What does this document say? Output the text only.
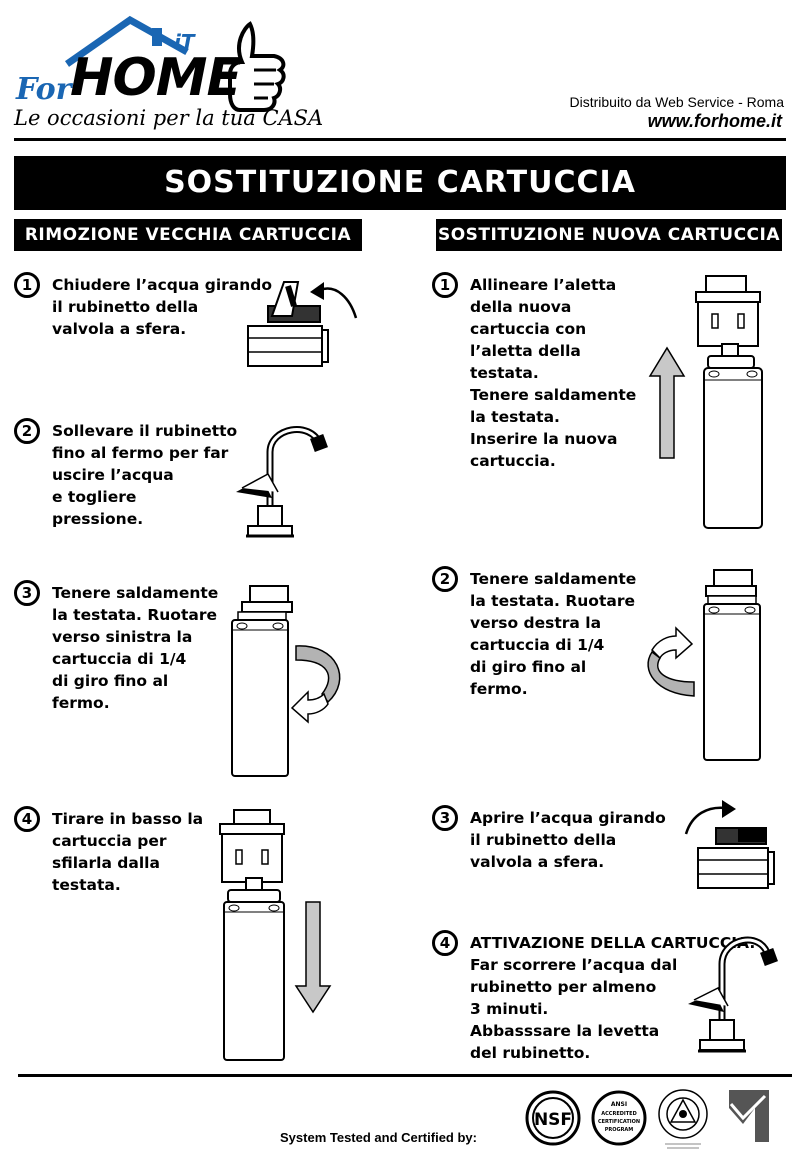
For
HOME
iT
Le occasioni per la tua CASA
Distribuito da Web Service - Roma
www.forhome.it
SOSTITUZIONE CARTUCCIA
RIMOZIONE VECCHIA CARTUCCIA	SOSTITUZIONE NUOVA CARTUCCIA
1	Chiudere l’acqua girando
il rubinetto della
valvola a sfera.
2	Sollevare il rubinetto
fino al fermo per far
uscire l’acqua
e togliere
pressione.
3	Tenere saldamente
la testata. Ruotare
verso sinistra la
cartuccia di 1/4
di giro fino al
fermo.
4	Tirare in basso la
cartuccia per
sfilarla dalla
testata.
1	Allineare l’aletta
della nuova
cartuccia con
l’aletta della
testata.
Tenere saldamente
la testata.
Inserire la nuova
cartuccia.
2	Tenere saldamente
la testata. Ruotare
verso destra la
cartuccia di 1/4
di giro fino al
fermo.
3	Aprire l’acqua girando
il rubinetto della
valvola a sfera.
4	ATTIVAZIONE DELLA CARTUCCIA:
Far scorrere l’acqua dal
rubinetto per almeno
3 minuti.
Abbasssare la levetta
del rubinetto.
System Tested and Certified by:
NSF
ANSI
ACCREDITED
CERTIFICATION
PROGRAM
